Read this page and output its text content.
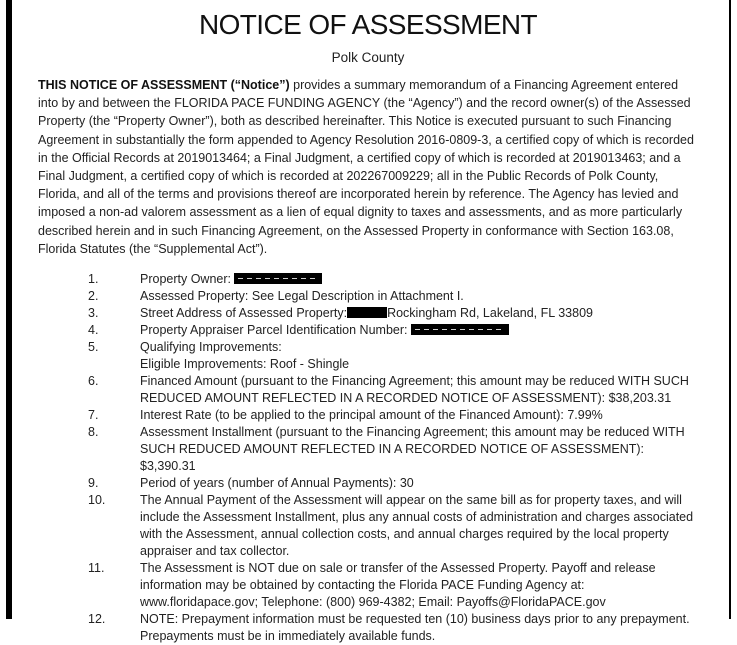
NOTICE OF ASSESSMENT
Polk County

THIS NOTICE OF ASSESSMENT (“Notice”) provides a summary memorandum of a Financing Agreement entered into by and between the FLORIDA PACE FUNDING AGENCY (the “Agency”) and the record owner(s) of the Assessed Property (the “Property Owner”), both as described hereinafter. This Notice is executed pursuant to such Financing Agreement in substantially the form appended to Agency Resolution 2016-0809-3, a certified copy of which is recorded in the Official Records at 2019013464; a Final Judgment, a certified copy of which is recorded at 2019013463; and a Final Judgment, a certified copy of which is recorded at 202267009229; all in the Public Records of Polk County, Florida, and all of the terms and provisions thereof are incorporated herein by reference. The Agency has levied and imposed a non-ad valorem assessment as a lien of equal dignity to taxes and assessments, and as more particularly described herein and in such Financing Agreement, on the Assessed Property in conformance with Section 163.08, Florida Statutes (the “Supplemental Act”).

1.	Property Owner:
2.	Assessed Property: See Legal Description in Attachment I.
3.	Street Address of Assessed Property:	Rockingham Rd, Lakeland, FL 33809
4.	Property Appraiser Parcel Identification Number:
5.	Qualifying Improvements:
Eligible Improvements: Roof - Shingle
6.	Financed Amount (pursuant to the Financing Agreement; this amount may be reduced WITH SUCH REDUCED AMOUNT REFLECTED IN A RECORDED NOTICE OF ASSESSMENT): $38,203.31
7.	Interest Rate (to be applied to the principal amount of the Financed Amount): 7.99%
8.	Assessment Installment (pursuant to the Financing Agreement; this amount may be reduced WITH SUCH REDUCED AMOUNT REFLECTED IN A RECORDED NOTICE OF ASSESSMENT): $3,390.31
9.	Period of years (number of Annual Payments): 30
10.	The Annual Payment of the Assessment will appear on the same bill as for property taxes, and will include the Assessment Installment, plus any annual costs of administration and charges associated with the Assessment, annual collection costs, and annual charges required by the local property appraiser and tax collector.
11.	The Assessment is NOT due on sale or transfer of the Assessed Property. Payoff and release information may be obtained by contacting the Florida PACE Funding Agency at: www.floridapace.gov; Telephone: (800) 969-4382; Email: Payoffs@FloridaPACE.gov
12.	NOTE: Prepayment information must be requested ten (10) business days prior to any prepayment. Prepayments must be in immediately available funds.
